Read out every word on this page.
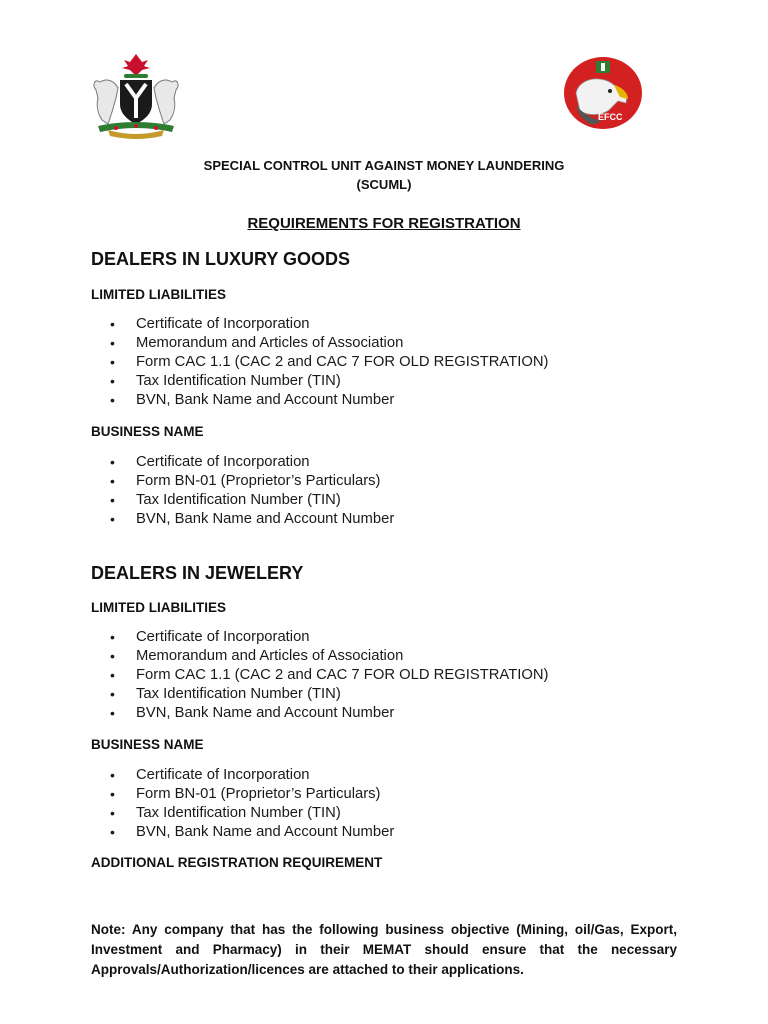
EFCC
SPECIAL CONTROL UNIT AGAINST MONEY LAUNDERING
(SCUML)
REQUIREMENTS FOR REGISTRATION
DEALERS IN LUXURY GOODS
LIMITED LIABILITIES
• Certificate of Incorporation
• Memorandum and Articles of Association
• Form CAC 1.1 (CAC 2 and CAC 7 FOR OLD REGISTRATION)
• Tax Identification Number (TIN)
• BVN, Bank Name and Account Number
BUSINESS NAME
• Certificate of Incorporation
• Form BN-01 (Proprietor’s Particulars)
• Tax Identification Number (TIN)
• BVN, Bank Name and Account Number
DEALERS IN JEWELERY
LIMITED LIABILITIES
• Certificate of Incorporation
• Memorandum and Articles of Association
• Form CAC 1.1 (CAC 2 and CAC 7 FOR OLD REGISTRATION)
• Tax Identification Number (TIN)
• BVN, Bank Name and Account Number
BUSINESS NAME
• Certificate of Incorporation
• Form BN-01 (Proprietor’s Particulars)
• Tax Identification Number (TIN)
• BVN, Bank Name and Account Number
ADDITIONAL REGISTRATION REQUIREMENT
Note: Any company that has the following business objective (Mining, oil/Gas, Export, Investment and Pharmacy) in their MEMAT should ensure that the necessary Approvals/Authorization/licences are attached to their applications.
